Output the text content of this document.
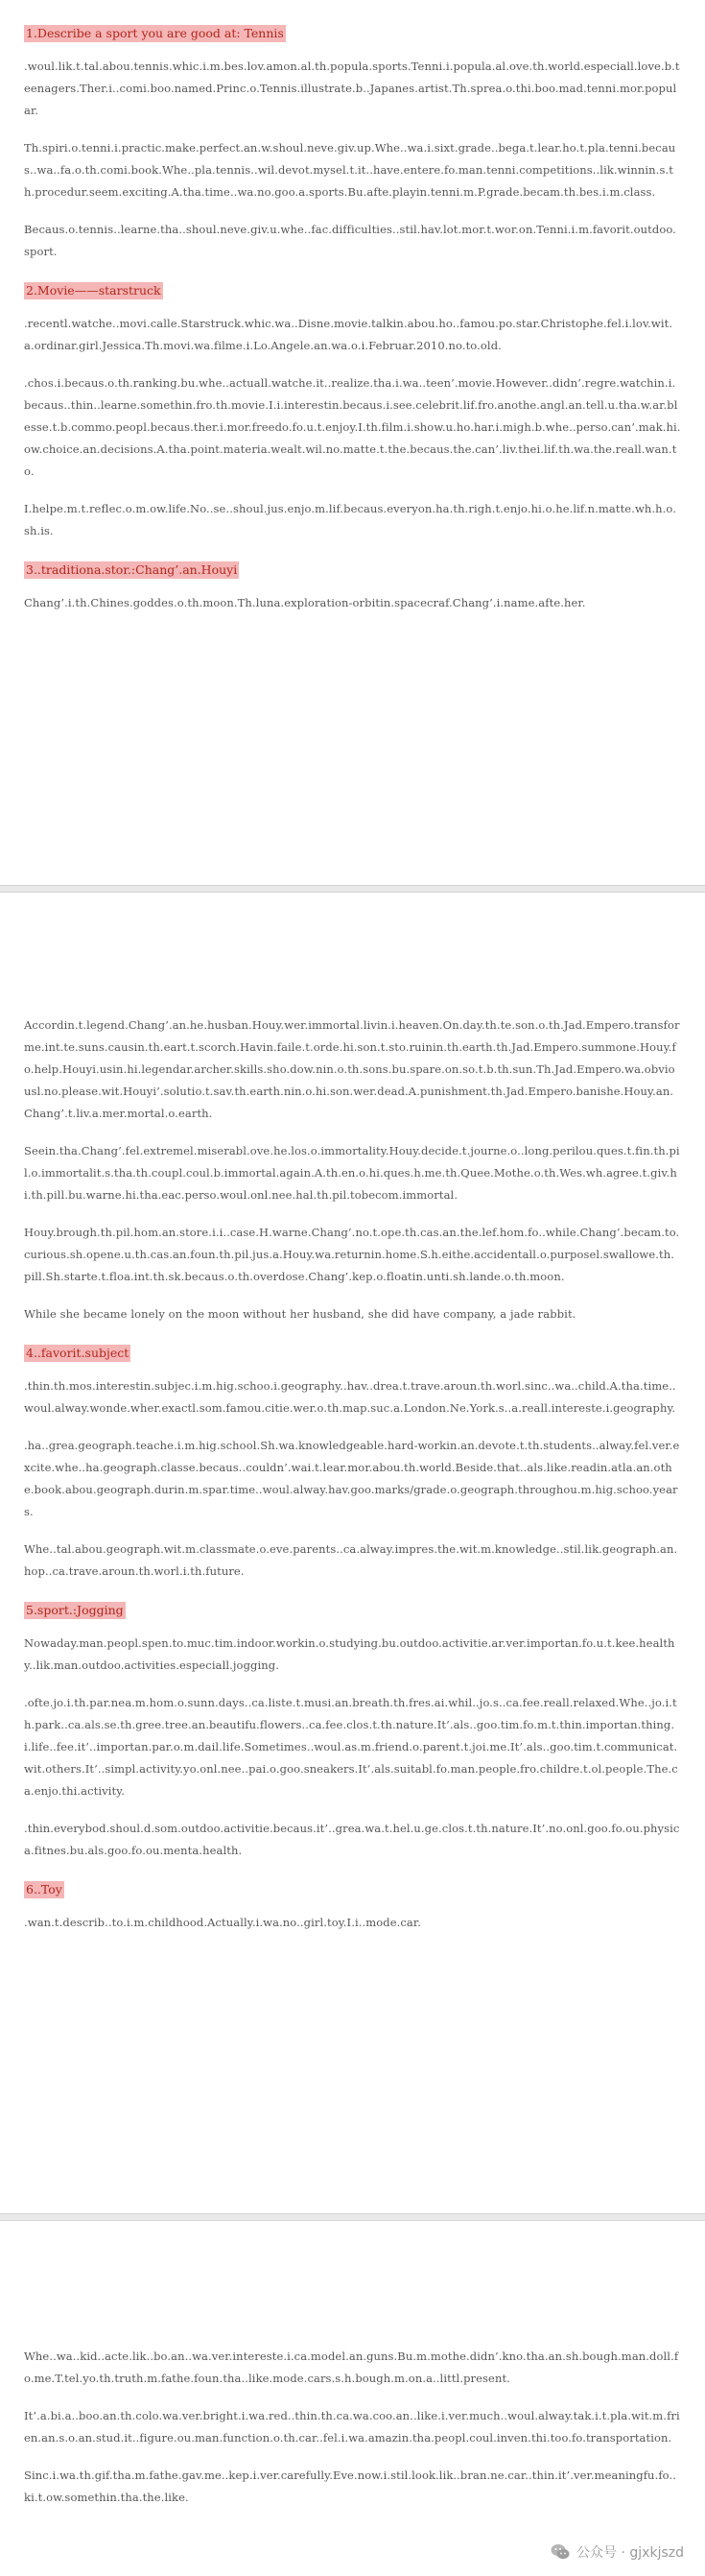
1.Describe a sport you are good at: Tennis

.woul.lik.t.tal.abou.tennis.whic.i.m.bes.lov.amon.al.th.popula.sports.Tenni.i.popula.al.ove.th.world.especiall.love.b.teenagers.Ther.i..comi.boo.named.Princ.o.Tennis.illustrate.b..Japanes.artist.Th.sprea.o.thi.boo.mad.tenni.mor.popular.

Th.spiri.o.tenni.i.practic.make.perfect.an.w.shoul.neve.giv.up.Whe..wa.i.sixt.grade..bega.t.lear.ho.t.pla.tenni.becaus..wa..fa.o.th.comi.book.Whe..pla.tennis..wil.devot.mysel.t.it..have.entere.fo.man.tenni.competitions..lik.winnin.s.th.procedur.seem.exciting.A.tha.time..wa.no.goo.a.sports.Bu.afte.playin.tenni.m.P.grade.becam.th.bes.i.m.class.

Becaus.o.tennis..learne.tha..shoul.neve.giv.u.whe..fac.difficulties..stil.hav.lot.mor.t.wor.on.Tenni.i.m.favorit.outdoo.sport.

2.Movie——starstruck

.recentl.watche..movi.calle.Starstruck.whic.wa..Disne.movie.talkin.abou.ho..famou.po.star.Christophe.fel.i.lov.wit.a.ordinar.girl.Jessica.Th.movi.wa.filme.i.Lo.Angele.an.wa.o.i.Februar.2010.no.to.old.

.chos.i.becaus.o.th.ranking.bu.whe..actuall.watche.it..realize.tha.i.wa..teen’.movie.However..didn’.regre.watchin.i.becaus..thin..learne.somethin.fro.th.movie.I.i.interestin.becaus.i.see.celebrit.lif.fro.anothe.angl.an.tell.u.tha.w.ar.blesse.t.b.commo.peopl.becaus.ther.i.mor.freedo.fo.u.t.enjoy.I.th.film.i.show.u.ho.har.i.migh.b.whe..perso.can’.mak.hi.ow.choice.an.decisions.A.tha.point.materia.wealt.wil.no.matte.t.the.becaus.the.can’.liv.thei.lif.th.wa.the.reall.wan.to.

I.helpe.m.t.reflec.o.m.ow.life.No..se..shoul.jus.enjo.m.lif.becaus.everyon.ha.th.righ.t.enjo.hi.o.he.lif.n.matte.wh.h.o.sh.is.

3..traditiona.stor.:Chang’.an.Houyi

Chang’.i.th.Chines.goddes.o.th.moon.Th.luna.exploration-orbitin.spacecraf.Chang’.i.name.afte.her.

Accordin.t.legend.Chang’.an.he.husban.Houy.wer.immortal.livin.i.heaven.On.day.th.te.son.o.th.Jad.Empero.transforme.int.te.suns.causin.th.eart.t.scorch.Havin.faile.t.orde.hi.son.t.sto.ruinin.th.earth.th.Jad.Empero.summone.Houy.fo.help.Houyi.usin.hi.legendar.archer.skills.sho.dow.nin.o.th.sons.bu.spare.on.so.t.b.th.sun.Th.Jad.Empero.wa.obviousl.no.please.wit.Houyi’.solutio.t.sav.th.earth.nin.o.hi.son.wer.dead.A.punishment.th.Jad.Empero.banishe.Houy.an.Chang’.t.liv.a.mer.mortal.o.earth.

Seein.tha.Chang’.fel.extremel.miserabl.ove.he.los.o.immortality.Houy.decide.t.journe.o..long.perilou.ques.t.fin.th.pil.o.immortalit.s.tha.th.coupl.coul.b.immortal.again.A.th.en.o.hi.ques.h.me.th.Quee.Mothe.o.th.Wes.wh.agree.t.giv.hi.th.pill.bu.warne.hi.tha.eac.perso.woul.onl.nee.hal.th.pil.tobecom.immortal.

Houy.brough.th.pil.hom.an.store.i.i..case.H.warne.Chang’.no.t.ope.th.cas.an.the.lef.hom.fo..while.Chang’.becam.to.curious.sh.opene.u.th.cas.an.foun.th.pil.jus.a.Houy.wa.returnin.home.S.h.eithe.accidentall.o.purposel.swallowe.th.pill.Sh.starte.t.floa.int.th.sk.becaus.o.th.overdose.Chang’.kep.o.floatin.unti.sh.lande.o.th.moon.

While she became lonely on the moon without her husband, she did have company, a jade rabbit.

4..favorit.subject

.thin.th.mos.interestin.subjec.i.m.hig.schoo.i.geography..hav..drea.t.trave.aroun.th.worl.sinc..wa..child.A.tha.time..woul.alway.wonde.wher.exactl.som.famou.citie.wer.o.th.map.suc.a.London.Ne.York.s..a.reall.intereste.i.geography.

.ha..grea.geograph.teache.i.m.hig.school.Sh.wa.knowledgeable.hard-workin.an.devote.t.th.students..alway.fel.ver.excite.whe..ha.geograph.classe.becaus..couldn’.wai.t.lear.mor.abou.th.world.Beside.that..als.like.readin.atla.an.othe.book.abou.geograph.durin.m.spar.time..woul.alway.hav.goo.marks/grade.o.geograph.throughou.m.hig.schoo.years.

Whe..tal.abou.geograph.wit.m.classmate.o.eve.parents..ca.alway.impres.the.wit.m.knowledge..stil.lik.geograph.an.hop..ca.trave.aroun.th.worl.i.th.future.

5.sport.:Jogging

Nowaday.man.peopl.spen.to.muc.tim.indoor.workin.o.studying.bu.outdoo.activitie.ar.ver.importan.fo.u.t.kee.healthy..lik.man.outdoo.activities.especiall.jogging.

.ofte.jo.i.th.par.nea.m.hom.o.sunn.days..ca.liste.t.musi.an.breath.th.fres.ai.whil..jo.s..ca.fee.reall.relaxed.Whe..jo.i.th.park..ca.als.se.th.gree.tree.an.beautifu.flowers..ca.fee.clos.t.th.nature.It’.als..goo.tim.fo.m.t.thin.importan.thing.i.life..fee.it’..importan.par.o.m.dail.life.Sometimes..woul.as.m.friend.o.parent.t.joi.me.It’.als..goo.tim.t.communicat.wit.others.It’..simpl.activity.yo.onl.nee..pai.o.goo.sneakers.It’.als.suitabl.fo.man.people.fro.childre.t.ol.people.The.ca.enjo.thi.activity.

.thin.everybod.shoul.d.som.outdoo.activitie.becaus.it’..grea.wa.t.hel.u.ge.clos.t.th.nature.It’.no.onl.goo.fo.ou.physica.fitnes.bu.als.goo.fo.ou.menta.health.

6..Toy

.wan.t.describ..to.i.m.childhood.Actually.i.wa.no..girl.toy.I.i..mode.car.

Whe..wa..kid..acte.lik..bo.an..wa.ver.intereste.i.ca.model.an.guns.Bu.m.mothe.didn’.kno.tha.an.sh.bough.man.doll.fo.me.T.tel.yo.th.truth.m.fathe.foun.tha..like.mode.cars.s.h.bough.m.on.a..littl.present.

It’.a.bi.a..boo.an.th.colo.wa.ver.bright.i.wa.red..thin.th.ca.wa.coo.an..like.i.ver.much..woul.alway.tak.i.t.pla.wit.m.frien.an.s.o.an.stud.it..figure.ou.man.function.o.th.car..fel.i.wa.amazin.tha.peopl.coul.inven.thi.too.fo.transportation.

Sinc.i.wa.th.gif.tha.m.fathe.gav.me..kep.i.ver.carefully.Eve.now.i.stil.look.lik..bran.ne.car..thin.it’.ver.meaningfu.fo..ki.t.ow.somethin.tha.the.like.

公众号 · gjxkjszd
